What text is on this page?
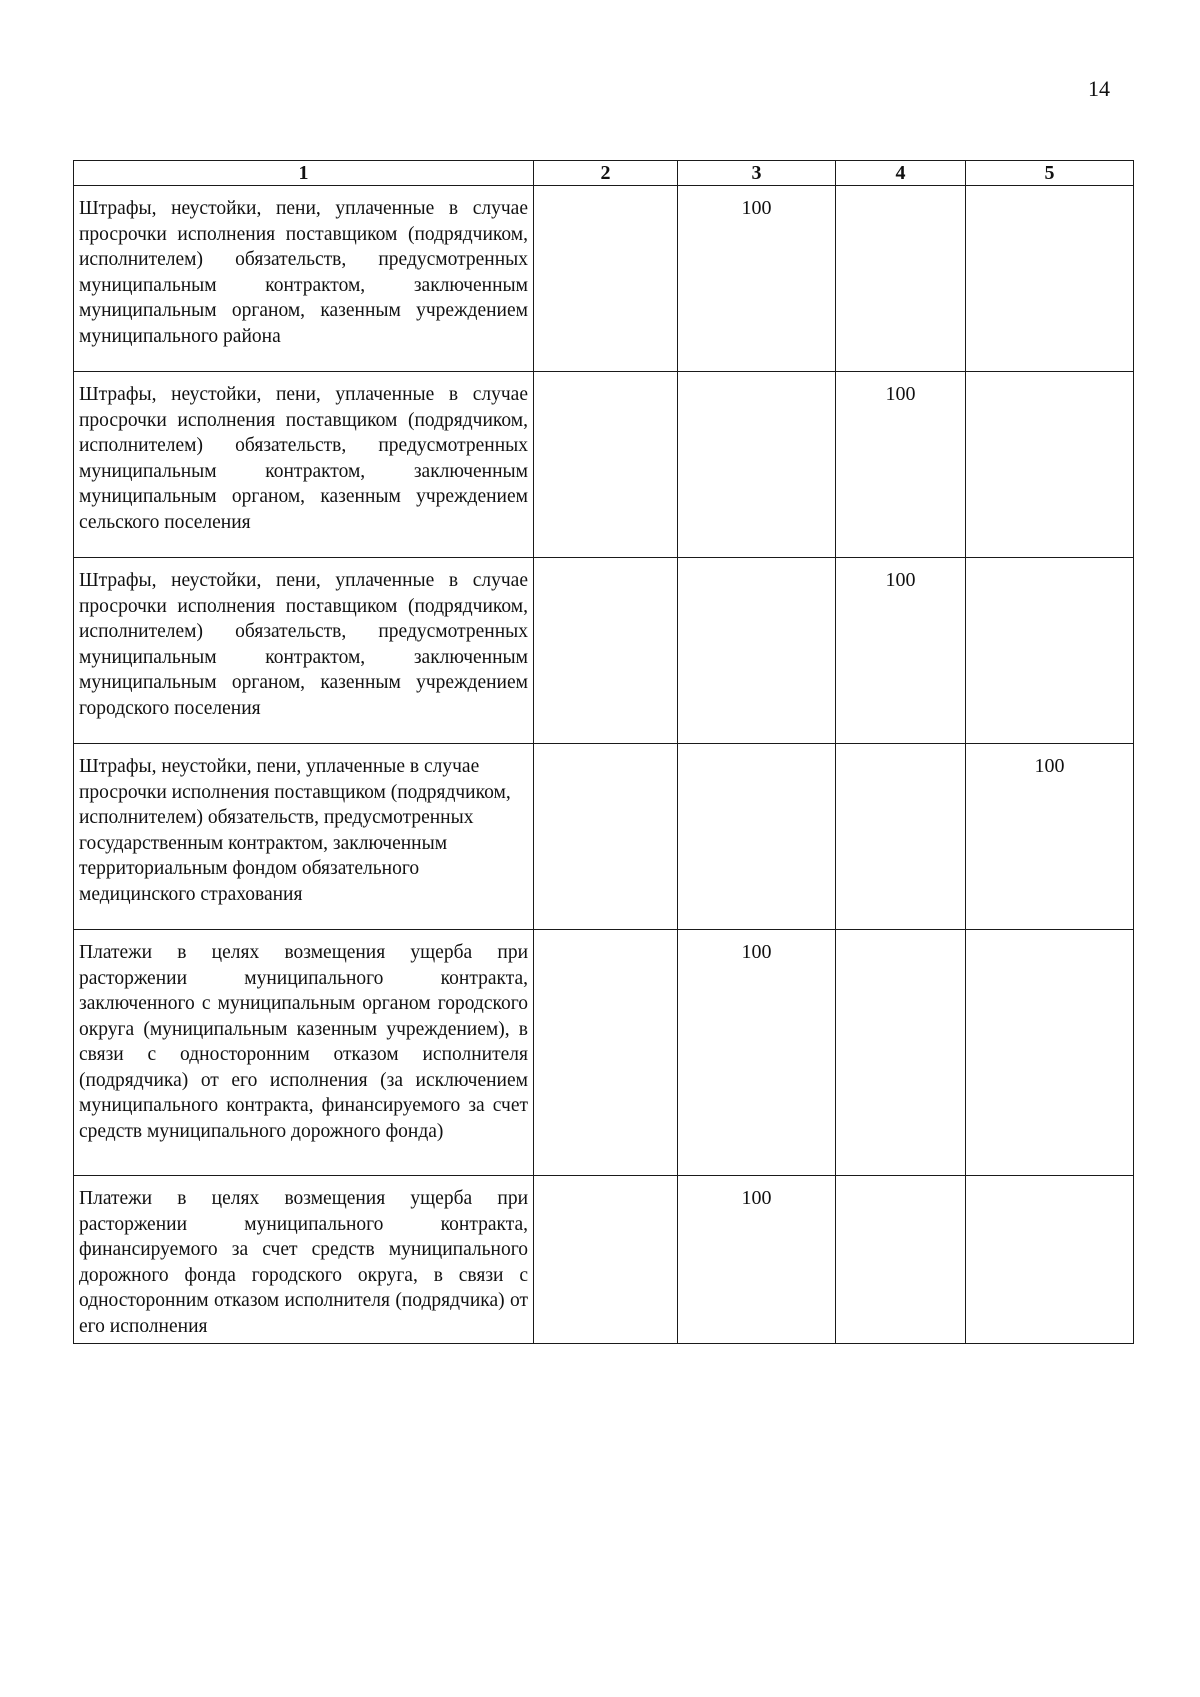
14
1	2	3	4	5
Штрафы, неустойки, пени, уплаченные в случае просрочки исполнения поставщиком (подрядчиком, исполнителем) обязательств, предусмотренных муниципальным контрактом, заключенным муниципальным органом, казенным учреждением муниципального района		100		
Штрафы, неустойки, пени, уплаченные в случае просрочки исполнения поставщиком (подрядчиком, исполнителем) обязательств, предусмотренных муниципальным контрактом, заключенным муниципальным органом, казенным учреждением сельского поселения			100	
Штрафы, неустойки, пени, уплаченные в случае просрочки исполнения поставщиком (подрядчиком, исполнителем) обязательств, предусмотренных муниципальным контрактом, заключенным муниципальным органом, казенным учреждением городского поселения			100	
Штрафы, неустойки, пени, уплаченные в случае просрочки исполнения поставщиком (подрядчиком, исполнителем) обязательств, предусмотренных государственным контрактом, заключенным территориальным фондом обязательного медицинского страхования				100
Платежи в целях возмещения ущерба при расторжении муниципального контракта, заключенного с муниципальным органом городского округа (муниципальным казенным учреждением), в связи с односторонним отказом исполнителя (подрядчика) от его исполнения (за исключением муниципального контракта, финансируемого за счет средств муниципального дорожного фонда)		100		
Платежи в целях возмещения ущерба при расторжении муниципального контракта, финансируемого за счет средств муниципального дорожного фонда городского округа, в связи с односторонним отказом исполнителя (подрядчика) от его исполнения		100		
